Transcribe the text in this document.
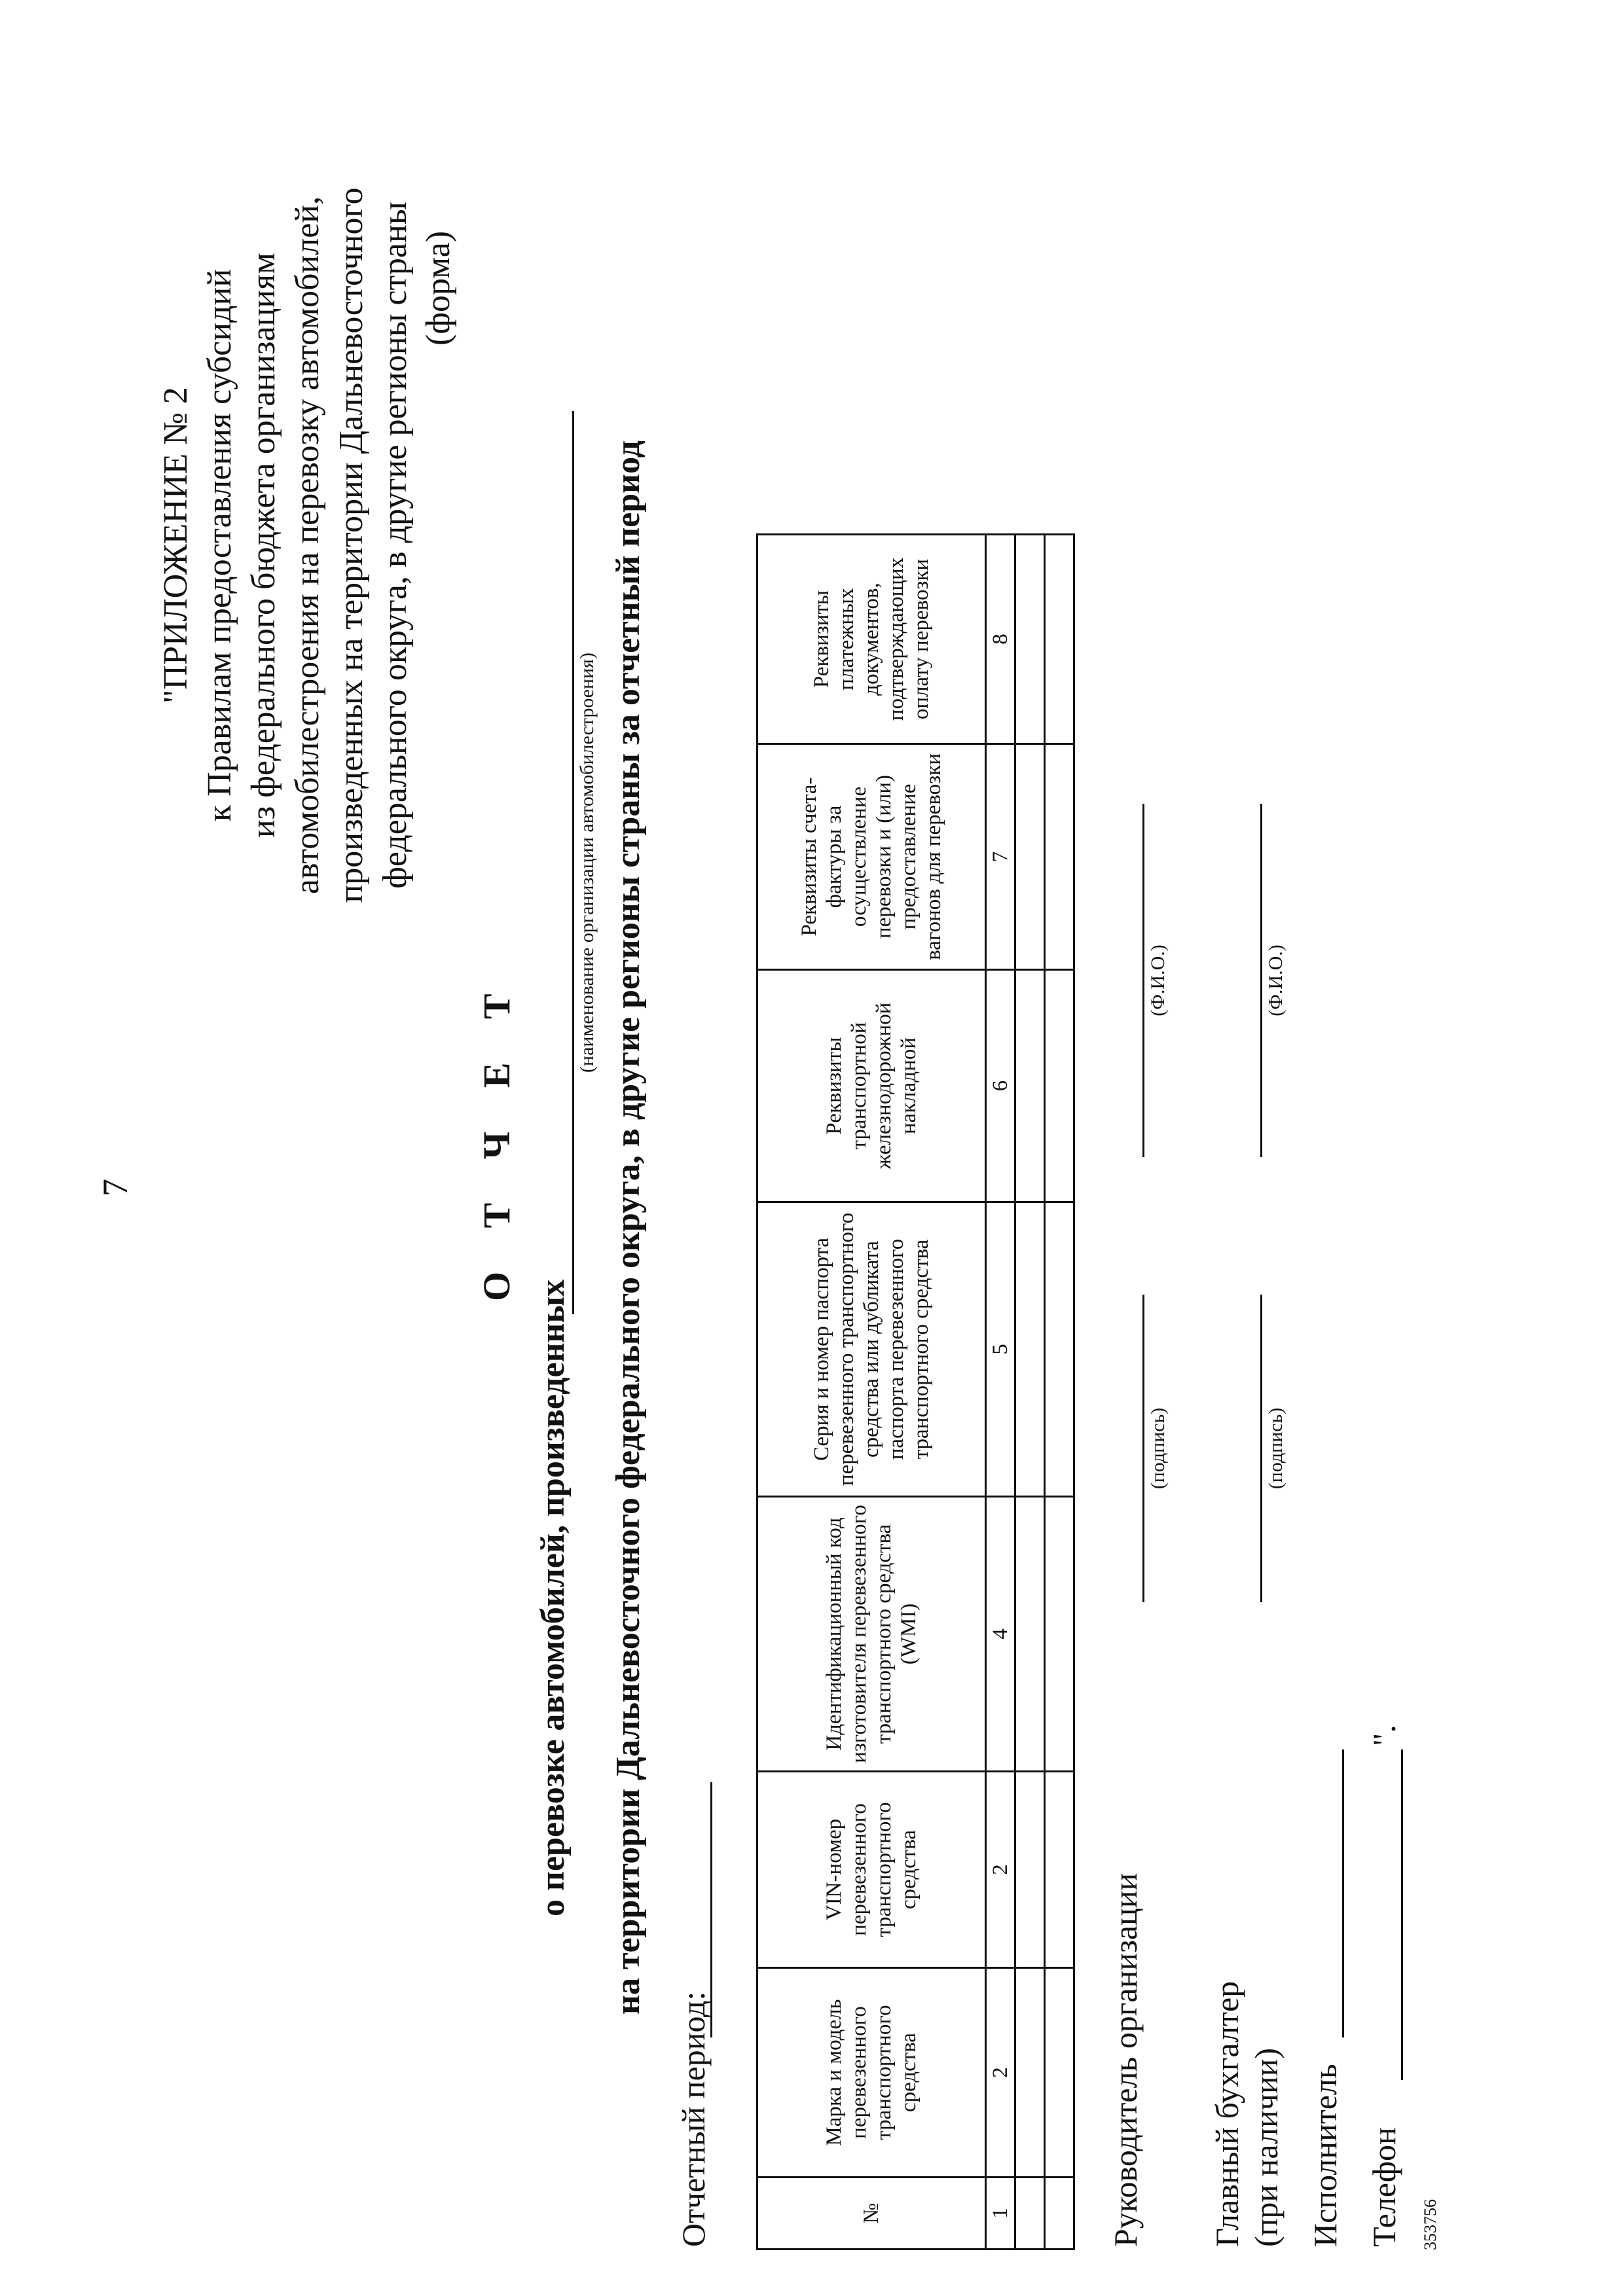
7
"ПРИЛОЖЕНИЕ № 2 к Правилам предоставления субсидий из федерального бюджета организациям автомобилестроения на перевозку автомобилей, произведенных на территории Дальневосточного федерального округа, в другие регионы страны (форма)
О Т Ч Е Т
о перевозке автомобилей, произведенных
(наименование организации автомобилестроения) на территории Дальневосточного федерального округа, в другие регионы страны за отчетный период
Отчетный период:	№	Марка и модель перевезенного транспортного средства	VIN-номер перевезенного транспортного средства	Идентификационный код изготовителя перевезенного транспортного средства (WMI)	Серия и номер паспорта перевезенного транспортного средства или дубликата паспорта перевезенного транспортного средства	Реквизиты транспортной железнодорожной накладной	Реквизиты счета-фактуры за осуществление перевозки и (или) предоставление вагонов для перевозки	Реквизиты платежных документов, подтверждающих оплату перевозки
1	2	2	4	5	6	7	8

Руководитель организации
(подпись)
(Ф.И.О.)
Главный бухгалтер (при наличии)
(подпись)
(Ф.И.О.)
Исполнитель Телефон
".
353756
